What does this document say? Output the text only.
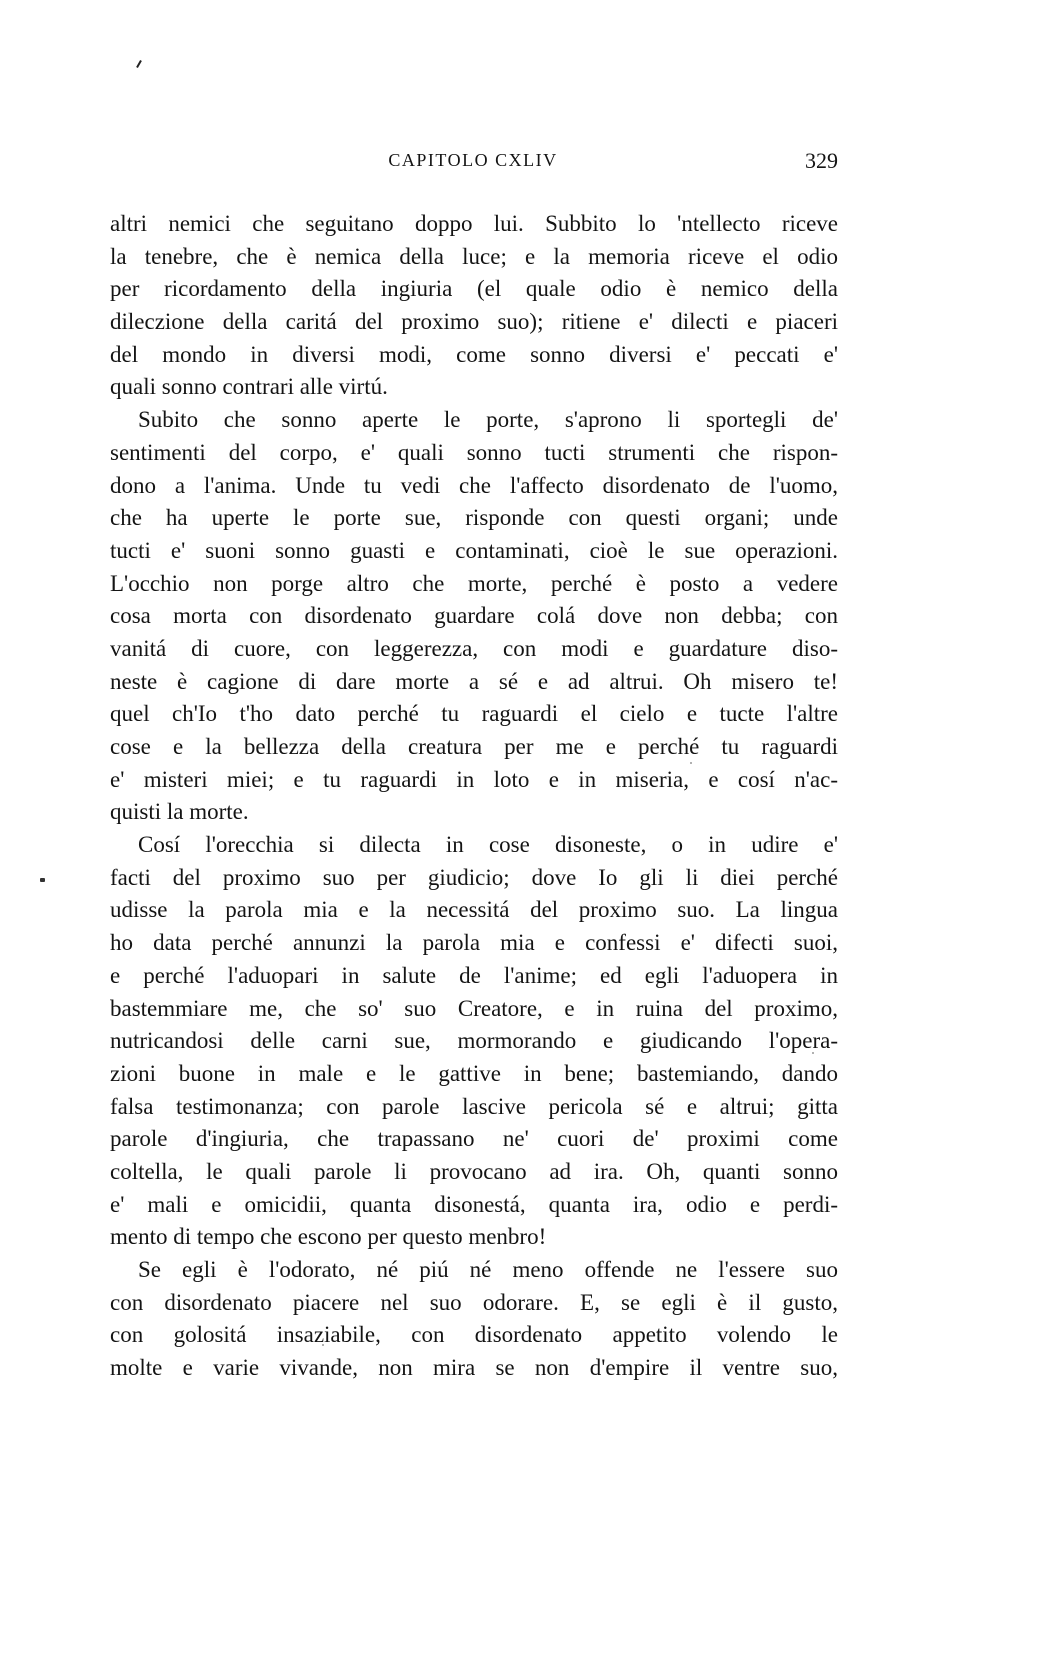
CAPITOLO CXLIV	329
altri nemici che seguitano doppo lui. Subbito lo 'ntellecto riceve
la tenebre, che è nemica della luce; e la memoria riceve el odio
per ricordamento della ingiuria (el quale odio è nemico della
dileczione della caritá del proximo suo); ritiene e' dilecti e piaceri
del mondo in diversi modi, come sonno diversi e' peccati e'
quali sonno contrari alle virtú.
Subito che sonno aperte le porte, s'aprono li sportegli de'
sentimenti del corpo, e' quali sonno tucti strumenti che rispon-
dono a l'anima. Unde tu vedi che l'affecto disordenato de l'uomo,
che ha uperte le porte sue, risponde con questi organi; unde
tucti e' suoni sonno guasti e contaminati, cioè le sue operazioni.
L'occhio non porge altro che morte, perché è posto a vedere
cosa morta con disordenato guardare colá dove non debba; con
vanitá di cuore, con leggerezza, con modi e guardature diso-
neste è cagione di dare morte a sé e ad altrui. Oh misero te!
quel ch'Io t'ho dato perché tu raguardi el cielo e tucte l'altre
cose e la bellezza della creatura per me e perché tu raguardi
e' misteri miei; e tu raguardi in loto e in miseria, e cosí n'ac-
quisti la morte.
Cosí l'orecchia si dilecta in cose disoneste, o in udire e'
facti del proximo suo per giudicio; dove Io gli li diei perché
udisse la parola mia e la necessitá del proximo suo. La lingua
ho data perché annunzi la parola mia e confessi e' difecti suoi,
e perché l'aduopari in salute de l'anime; ed egli l'aduopera in
bastemmiare me, che so' suo Creatore, e in ruina del proximo,
nutricandosi delle carni sue, mormorando e giudicando l'opera-
zioni buone in male e le gattive in bene; bastemiando, dando
falsa testimonanza; con parole lascive pericola sé e altrui; gitta
parole d'ingiuria, che trapassano ne' cuori de' proximi come
coltella, le quali parole li provocano ad ira. Oh, quanti sonno
e' mali e omicidii, quanta disonestá, quanta ira, odio e perdi-
mento di tempo che escono per questo menbro!
Se egli è l'odorato, né piú né meno offende ne l'essere suo
con disordenato piacere nel suo odorare. E, se egli è il gusto,
con golositá insaziabile, con disordenato appetito volendo le
molte e varie vivande, non mira se non d'empire il ventre suo,
